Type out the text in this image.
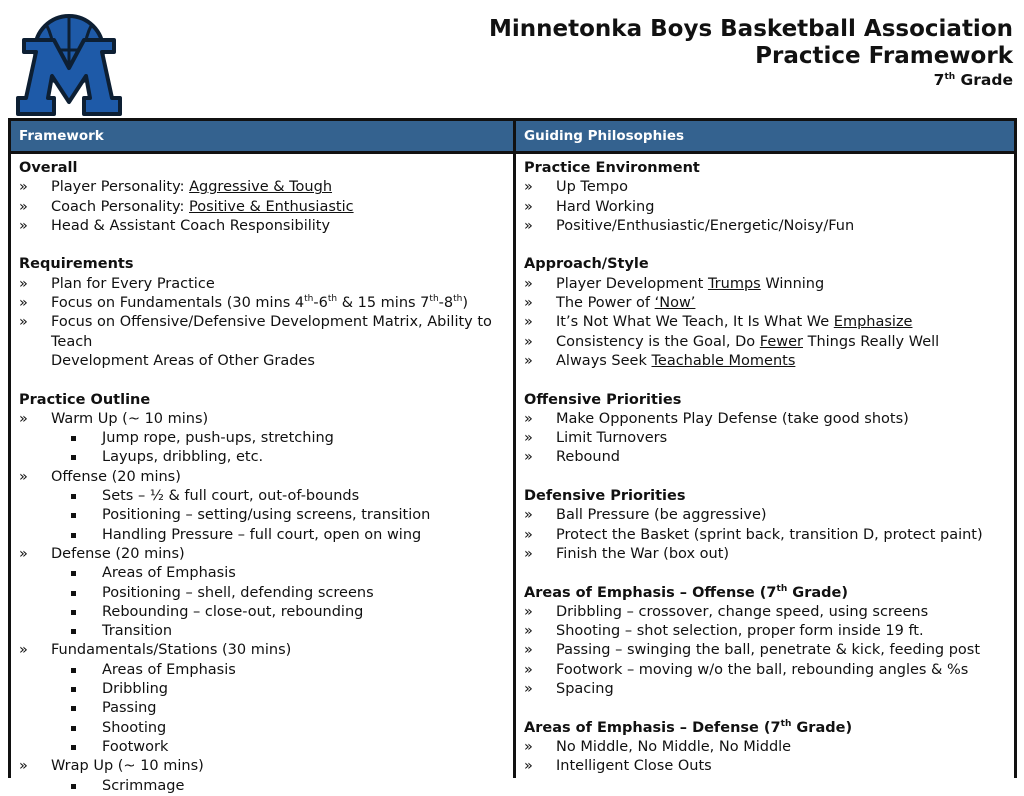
Minnetonka Boys Basketball Association
Practice Framework
7th Grade
Framework
Overall
»	Player Personality: Aggressive & Tough
»	Coach Personality: Positive & Enthusiastic
»	Head & Assistant Coach Responsibility
Requirements
»	Plan for Every Practice
»	Focus on Fundamentals (30 mins 4th-6th & 15 mins 7th-8th)
»	Focus on Offensive/Defensive Development Matrix, Ability to Teach
Development Areas of Other Grades
Practice Outline
»	Warm Up (~ 10 mins)
Jump rope, push-ups, stretching
Layups, dribbling, etc.
»	Offense (20 mins)
Sets – ½ & full court, out-of-bounds
Positioning – setting/using screens, transition
Handling Pressure – full court, open on wing
»	Defense (20 mins)
Areas of Emphasis
Positioning – shell, defending screens
Rebounding – close-out, rebounding
Transition
»	Fundamentals/Stations (30 mins)
Areas of Emphasis
Dribbling
Passing
Shooting
Footwork
»	Wrap Up (~ 10 mins)
Scrimmage
Guiding Philosophies
Practice Environment
»	Up Tempo
»	Hard Working
»	Positive/Enthusiastic/Energetic/Noisy/Fun
Approach/Style
»	Player Development Trumps Winning
»	The Power of ‘Now’
»	It’s Not What We Teach, It Is What We Emphasize
»	Consistency is the Goal, Do Fewer Things Really Well
»	Always Seek Teachable Moments
Offensive Priorities
»	Make Opponents Play Defense (take good shots)
»	Limit Turnovers
»	Rebound
Defensive Priorities
»	Ball Pressure (be aggressive)
»	Protect the Basket (sprint back, transition D, protect paint)
»	Finish the War (box out)
Areas of Emphasis – Offense (7th Grade)
»	Dribbling – crossover, change speed, using screens
»	Shooting – shot selection, proper form inside 19 ft.
»	Passing – swinging the ball, penetrate & kick, feeding post
»	Footwork – moving w/o the ball, rebounding angles & %s
»	Spacing
Areas of Emphasis – Defense (7th Grade)
»	No Middle, No Middle, No Middle
»	Intelligent Close Outs
